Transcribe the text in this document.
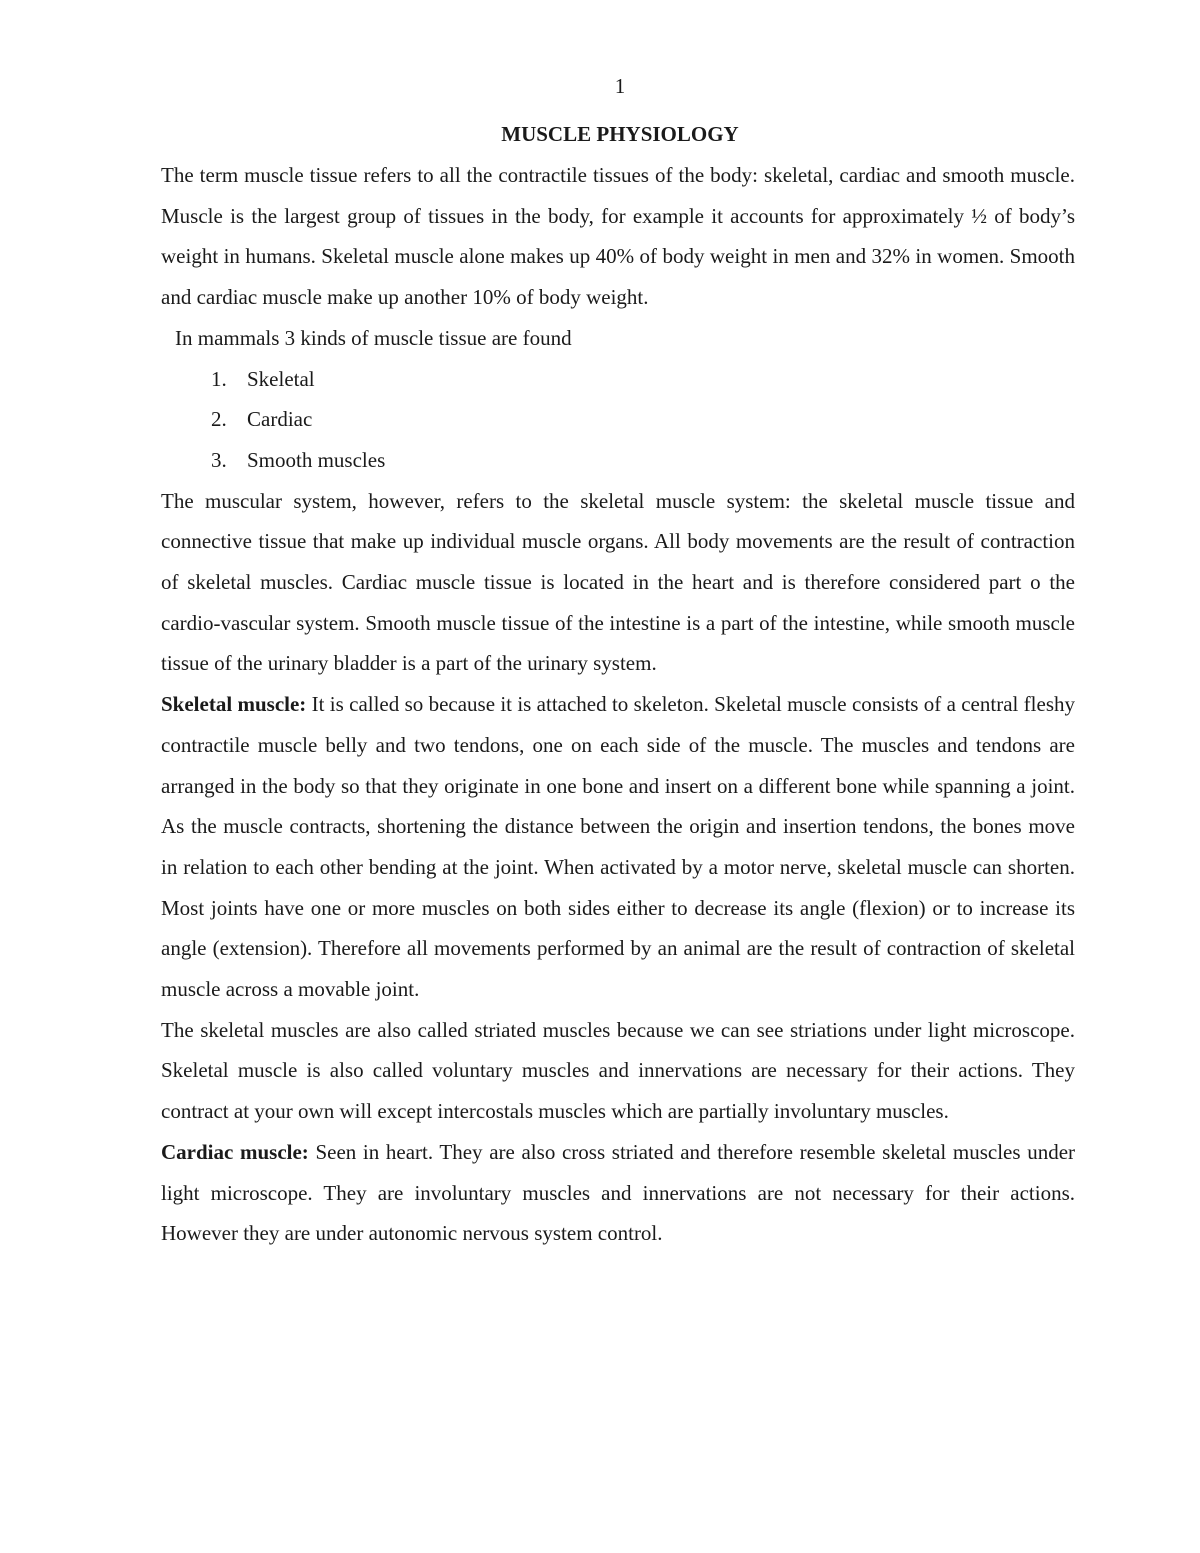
1
MUSCLE PHYSIOLOGY

The term muscle tissue refers to all the contractile tissues of the body: skeletal, cardiac and smooth muscle. Muscle is the largest group of tissues in the body, for example it accounts for approximately ½ of body’s weight in humans. Skeletal muscle alone makes up 40% of body weight in men and 32% in women. Smooth and cardiac muscle make up another 10% of body weight.

In mammals 3 kinds of muscle tissue are found

1. Skeletal
2. Cardiac
3. Smooth muscles

The muscular system, however, refers to the skeletal muscle system: the skeletal muscle tissue and connective tissue that make up individual muscle organs. All body movements are the result of contraction of skeletal muscles. Cardiac muscle tissue is located in the heart and is therefore considered part o the cardio-vascular system. Smooth muscle tissue of the intestine is a part of the intestine, while smooth muscle tissue of the urinary bladder is a part of the urinary system.

Skeletal muscle: It is called so because it is attached to skeleton. Skeletal muscle consists of a central fleshy contractile muscle belly and two tendons, one on each side of the muscle. The muscles and tendons are arranged in the body so that they originate in one bone and insert on a different bone while spanning a joint. As the muscle contracts, shortening the distance between the origin and insertion tendons, the bones move in relation to each other bending at the joint. When activated by a motor nerve, skeletal muscle can shorten. Most joints have one or more muscles on both sides either to decrease its angle (flexion) or to increase its angle (extension). Therefore all movements performed by an animal are the result of contraction of skeletal muscle across a movable joint.

The skeletal muscles are also called striated muscles because we can see striations under light microscope. Skeletal muscle is also called voluntary muscles and innervations are necessary for their actions. They contract at your own will except intercostals muscles which are partially involuntary muscles.

Cardiac muscle: Seen in heart. They are also cross striated and therefore resemble skeletal muscles under light microscope. They are involuntary muscles and innervations are not necessary for their actions. However they are under autonomic nervous system control.
